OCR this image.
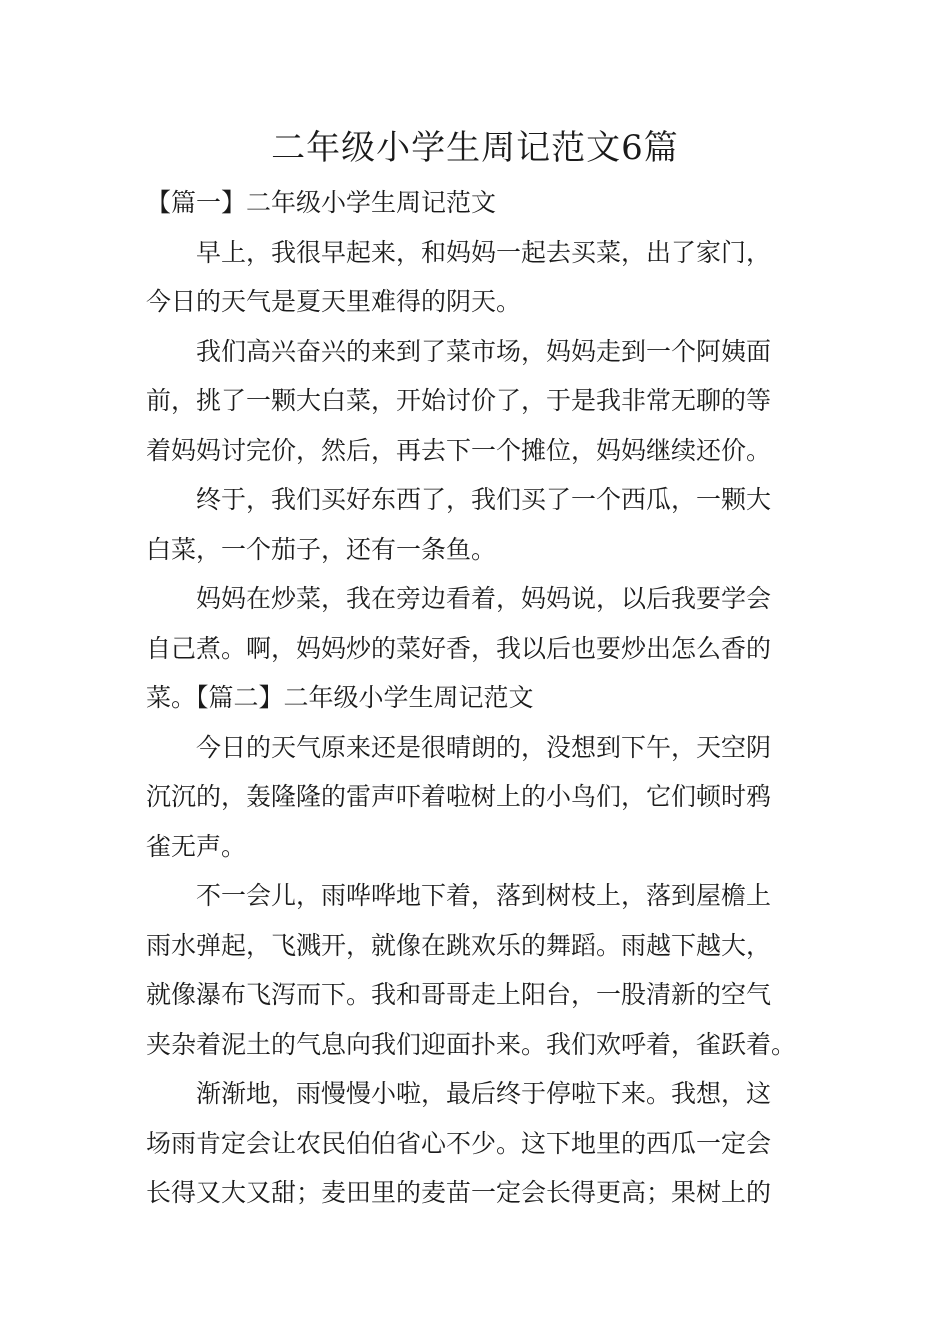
二年级小学生周记范文6篇
【篇一】二年级小学生周记范文
早上，我很早起来，和妈妈一起去买菜，出了家门，
今日的天气是夏天里难得的阴天。
我们高兴奋兴的来到了菜市场，妈妈走到一个阿姨面
前，挑了一颗大白菜，开始讨价了，于是我非常无聊的等
着妈妈讨完价，然后，再去下一个摊位，妈妈继续还价。
终于，我们买好东西了，我们买了一个西瓜，一颗大
白菜，一个茄子，还有一条鱼。
妈妈在炒菜，我在旁边看着，妈妈说，以后我要学会
自己煮。啊，妈妈炒的菜好香，我以后也要炒出怎么香的
菜。【篇二】二年级小学生周记范文
今日的天气原来还是很晴朗的，没想到下午，天空阴
沉沉的，轰隆隆的雷声吓着啦树上的小鸟们，它们顿时鸦
雀无声。
不一会儿，雨哗哗地下着，落到树枝上，落到屋檐上
雨水弹起，飞溅开，就像在跳欢乐的舞蹈。雨越下越大，
就像瀑布飞泻而下。我和哥哥走上阳台，一股清新的空气
夹杂着泥土的气息向我们迎面扑来。我们欢呼着，雀跃着。
渐渐地，雨慢慢小啦，最后终于停啦下来。我想，这
场雨肯定会让农民伯伯省心不少。这下地里的西瓜一定会
长得又大又甜；麦田里的麦苗一定会长得更高；果树上的
